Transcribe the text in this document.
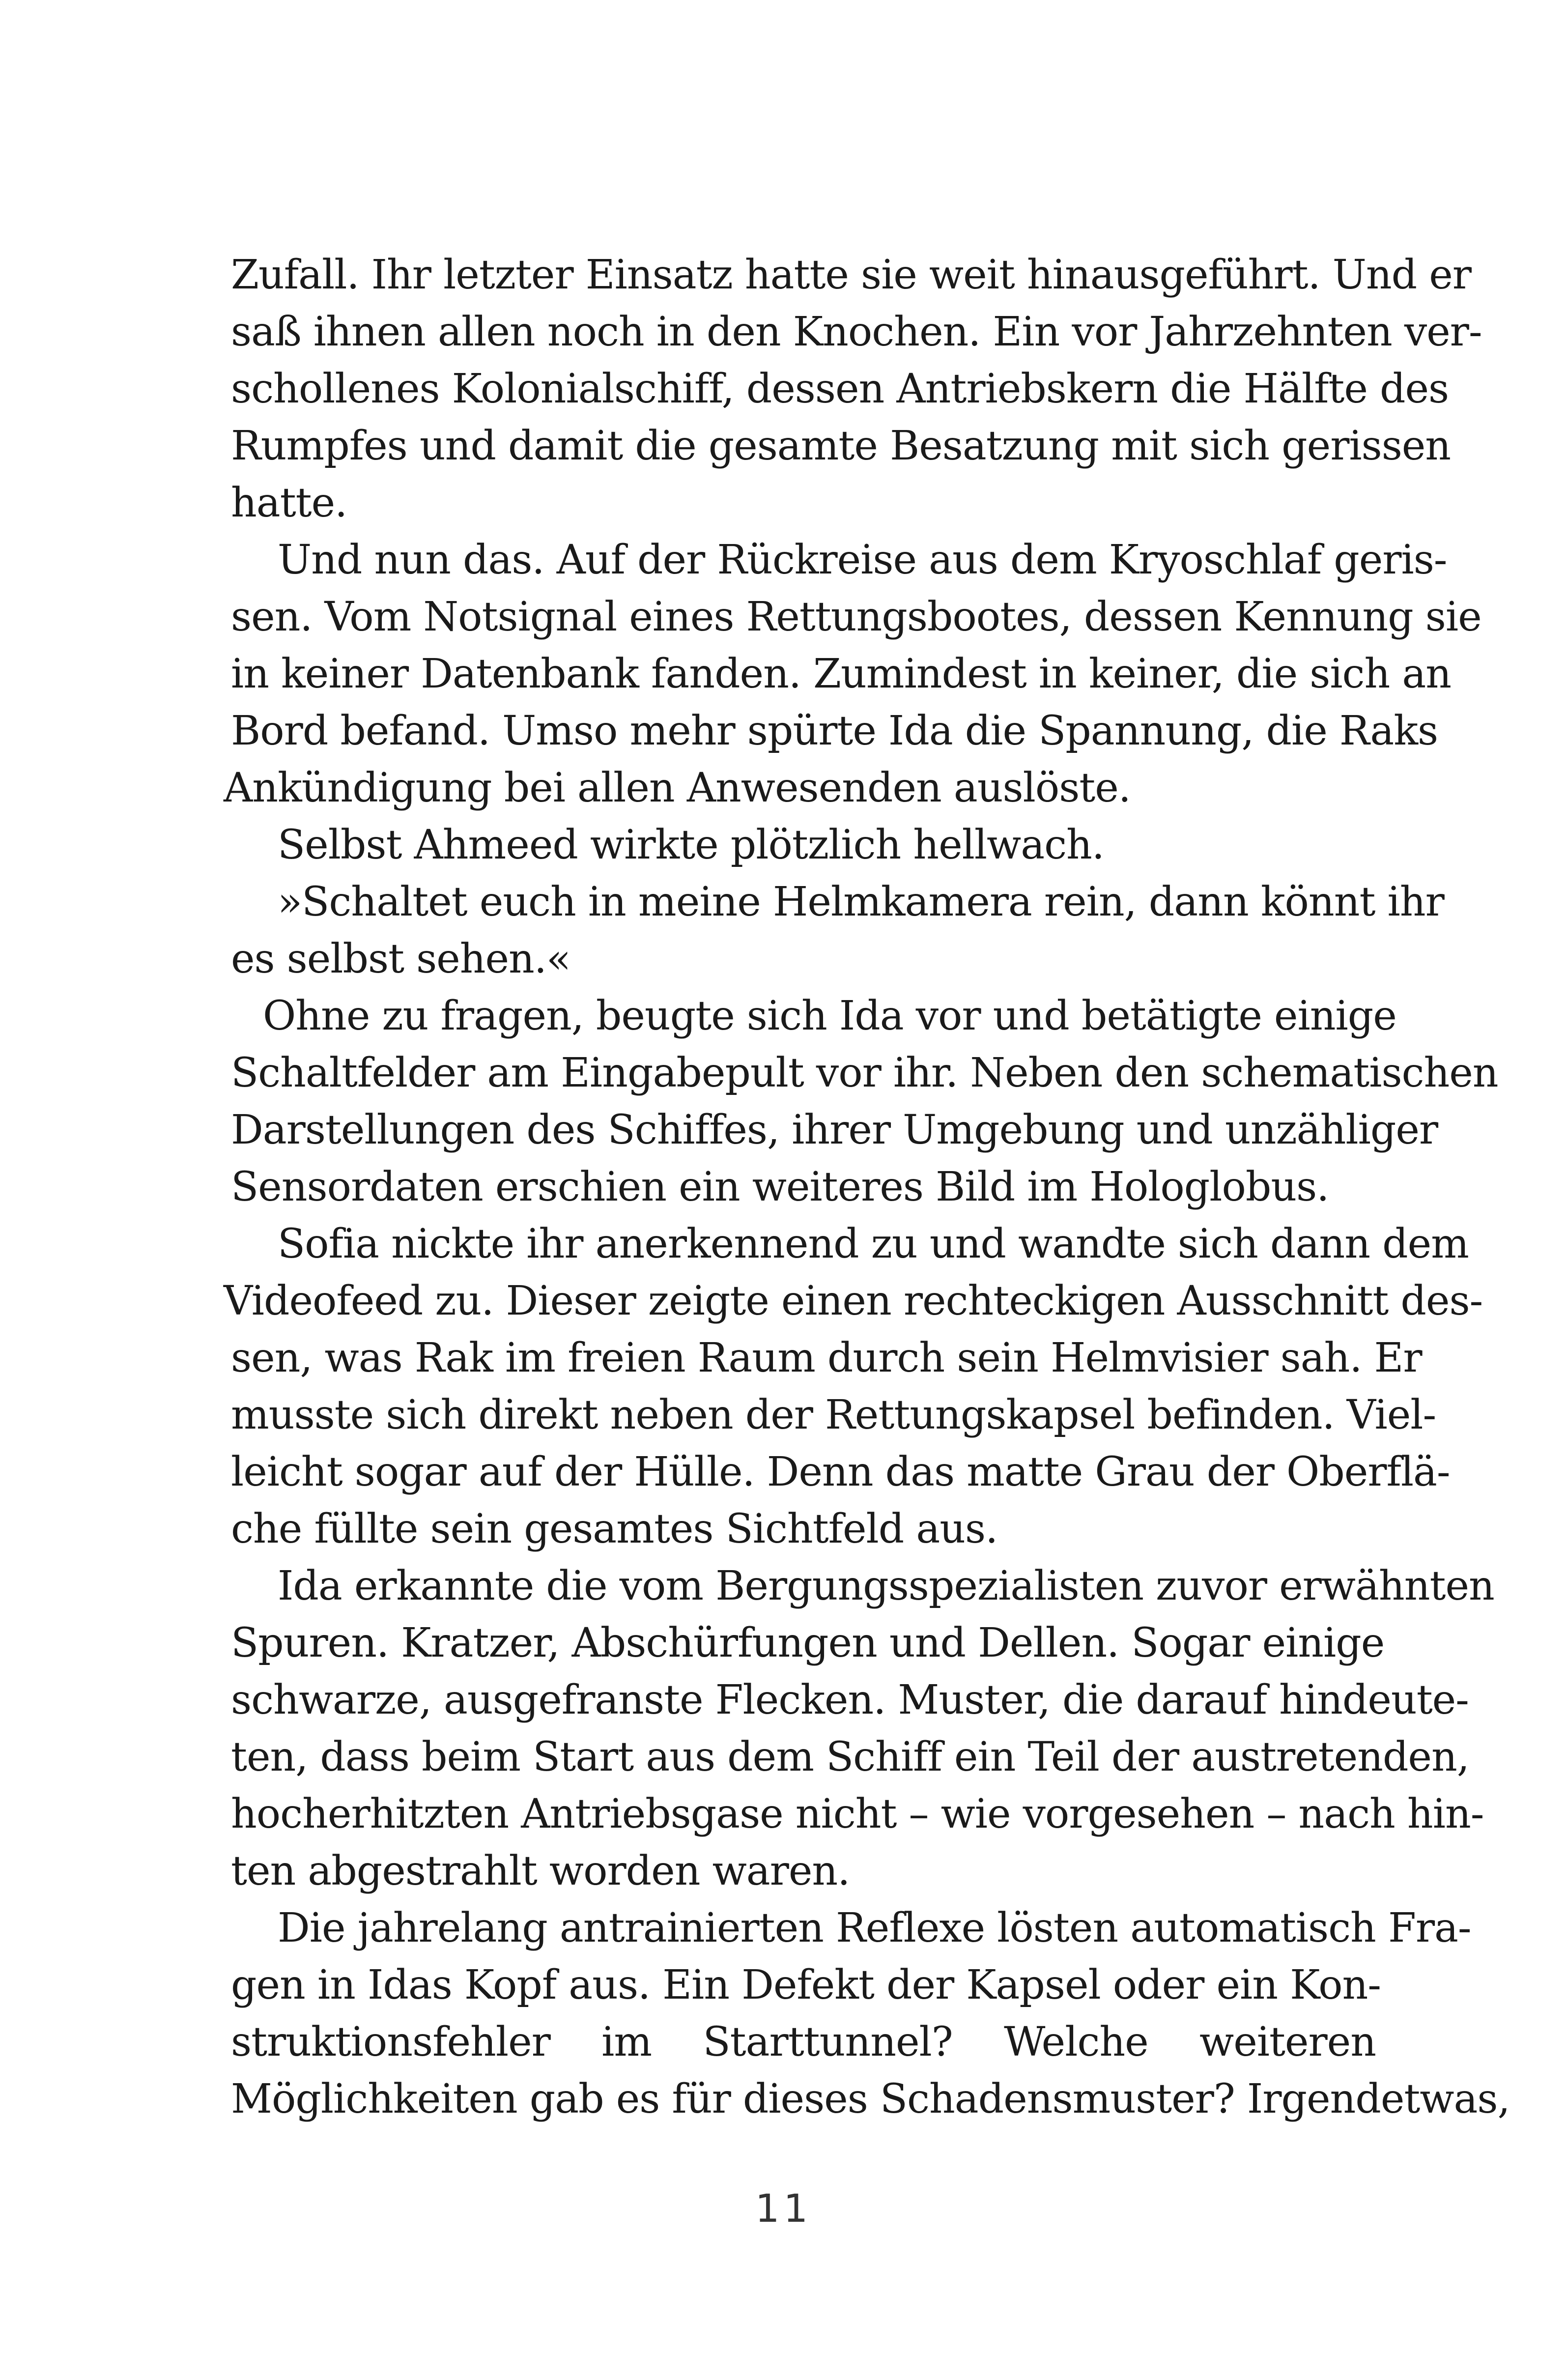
Zufall. Ihr letzter Einsatz hatte sie weit hinausgeführt. Und er
saß ihnen allen noch in den Knochen. Ein vor Jahrzehnten ver-
schollenes Kolonialschiff, dessen Antriebskern die Hälfte des
Rumpfes und damit die gesamte Besatzung mit sich gerissen
hatte.
Und nun das. Auf der Rückreise aus dem Kryoschlaf geris-
sen. Vom Notsignal eines Rettungsbootes, dessen Kennung sie
in keiner Datenbank fanden. Zumindest in keiner, die sich an
Bord befand. Umso mehr spürte Ida die Spannung, die Raks
Ankündigung bei allen Anwesenden auslöste.
Selbst Ahmeed wirkte plötzlich hellwach.
»Schaltet euch in meine Helmkamera rein, dann könnt ihr
es selbst sehen.«
Ohne zu fragen, beugte sich Ida vor und betätigte einige
Schaltfelder am Eingabepult vor ihr. Neben den schematischen
Darstellungen des Schiffes, ihrer Umgebung und unzähliger
Sensordaten erschien ein weiteres Bild im Hologlobus.
Sofia nickte ihr anerkennend zu und wandte sich dann dem
Videofeed zu. Dieser zeigte einen rechteckigen Ausschnitt des-
sen, was Rak im freien Raum durch sein Helmvisier sah. Er
musste sich direkt neben der Rettungskapsel befinden. Viel-
leicht sogar auf der Hülle. Denn das matte Grau der Oberflä-
che füllte sein gesamtes Sichtfeld aus.
Ida erkannte die vom Bergungsspezialisten zuvor erwähnten
Spuren. Kratzer, Abschürfungen und Dellen. Sogar einige
schwarze, ausgefranste Flecken. Muster, die darauf hindeute-
ten, dass beim Start aus dem Schiff ein Teil der austretenden,
hocherhitzten Antriebsgase nicht – wie vorgesehen – nach hin-
ten abgestrahlt worden waren.
Die jahrelang antrainierten Reflexe lösten automatisch Fra-
gen in Idas Kopf aus. Ein Defekt der Kapsel oder ein Kon-
struktionsfehler im Starttunnel? Welche weiteren
Möglichkeiten gab es für dieses Schadensmuster? Irgendetwas,
11
